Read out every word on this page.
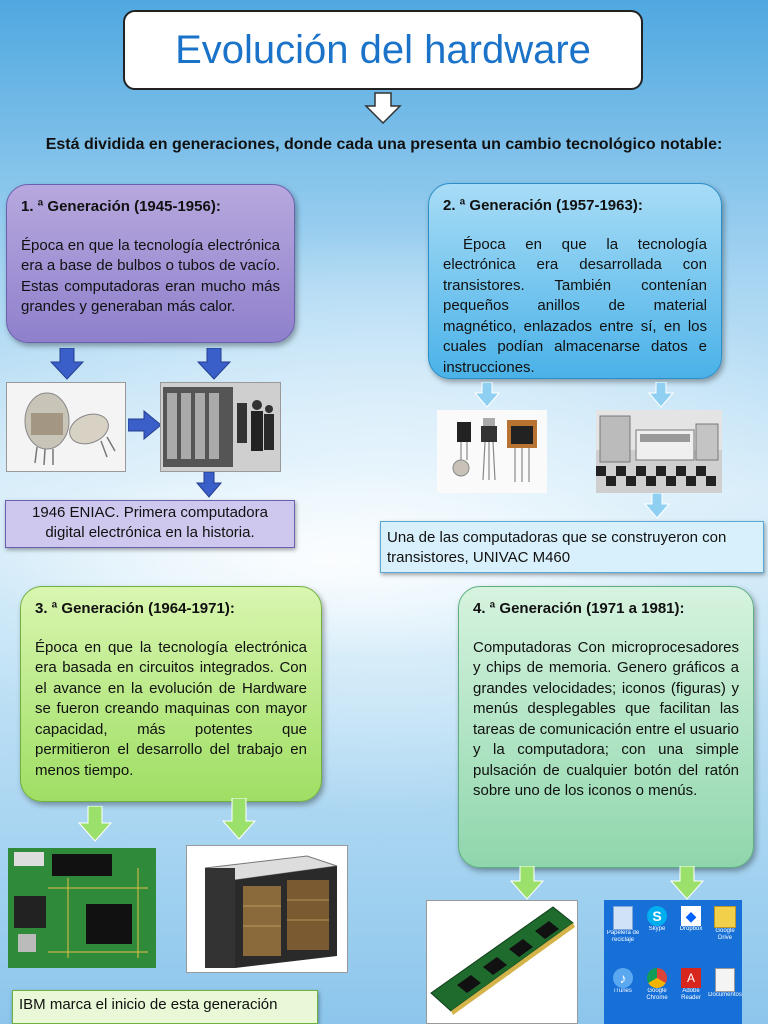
Evolución del hardware
Está dividida en generaciones, donde cada una presenta un cambio tecnológico notable:
1. ª Generación (1945-1956):

Época en que la tecnología electrónica era a base de bulbos o tubos de vacío. Estas computadoras eran mucho más grandes y generaban más calor.

1946 ENIAC. Primera computadora digital electrónica en la historia.
2. ª Generación (1957-1963):

Época en que la tecnología electrónica era desarrollada con transistores. También contenían pequeños anillos de material magnético, enlazados entre sí, en los cuales podían almacenarse datos e instrucciones.

Una de las computadoras que se construyeron con transistores, UNIVAC M460
3. ª Generación (1964-1971):

Época en que la tecnología electrónica era basada en circuitos integrados. Con el avance en la evolución de Hardware se fueron creando maquinas con mayor capacidad, más potentes que permitieron el desarrollo del trabajo en menos tiempo.

IBM marca el inicio de esta generación
4. ª Generación (1971 a 1981):

Computadoras Con microprocesadores y chips de memoria. Genero gráficos a grandes velocidades; iconos (figuras) y menús desplegables que facilitan las tareas de comunicación entre el usuario y la computadora; con una simple pulsación de cualquier botón del ratón sobre uno de los iconos o menús.

Papelera de reciclaje
S
Skype
◆
Dropbox	Google Drive
♪
iTunes	Google Chrome
A
Adobe Reader	Documentos
